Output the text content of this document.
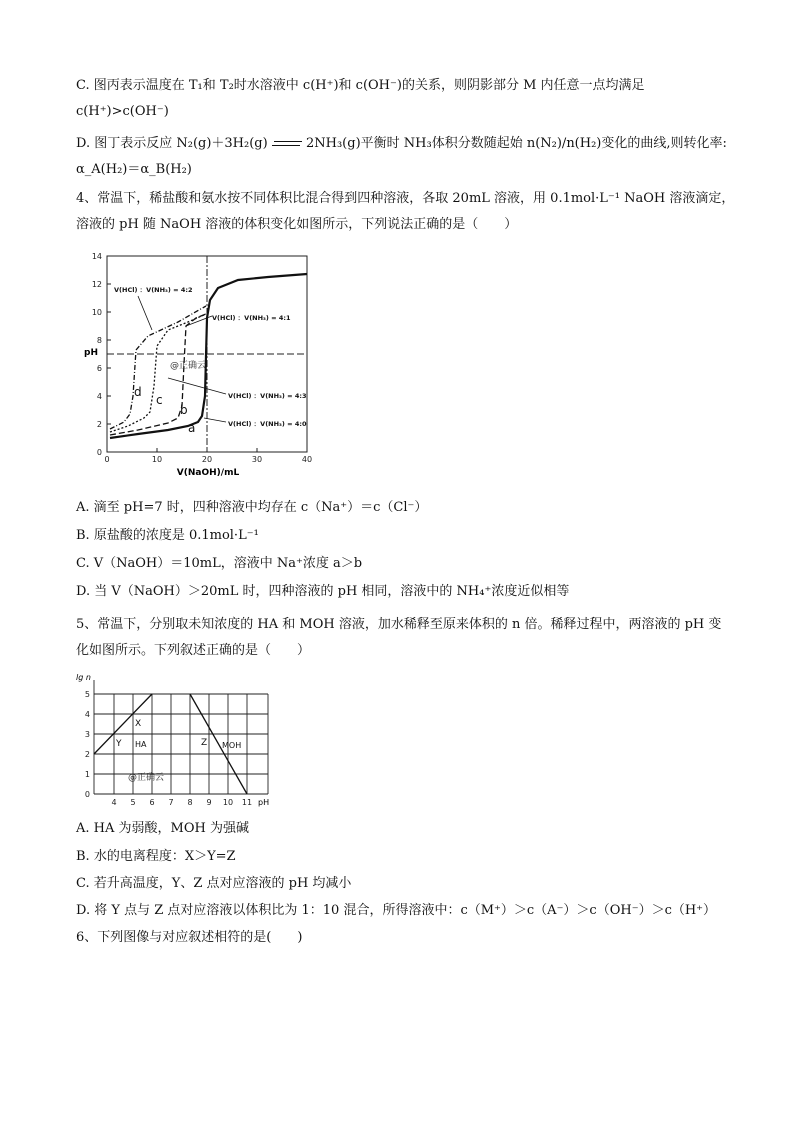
C. 图丙表示温度在 T₁和 T₂时水溶液中 c(H⁺)和 c(OH⁻)的关系，则阴影部分 M 内任意一点均满足
c(H⁺)>c(OH⁻)
D. 图丁表示反应 N₂(g)＋3H₂(g)	2NH₃(g)平衡时 NH₃体积分数随起始 n(N₂)/n(H₂)变化的曲线,则转化率:
α_A(H₂)＝α_B(H₂)
4、常温下，稀盐酸和氨水按不同体积比混合得到四种溶液，各取 20mL 溶液，用 0.1mol·L⁻¹ NaOH 溶液滴定，
溶液的 pH 随 NaOH 溶液的体积变化如图所示，下列说法正确的是（　　）
0
2
4
6
8
10
12
14
0	10	20	30	40
pH
V(NaOH)/mL
a
b
c
d
V(HCl) ：V(NH₃) = 4:2
V(HCl) ：V(NH₃) = 4:1
V(HCl) ：V(NH₃) = 4:3
V(HCl) ：V(NH₃) = 4:0
@正确云
A. 滴至 pH=7 时，四种溶液中均存在 c（Na⁺）＝c（Cl⁻）
B. 原盐酸的浓度是 0.1mol·L⁻¹
C. V（NaOH）＝10mL，溶液中 Na⁺浓度 a＞b
D. 当 V（NaOH）＞20mL 时，四种溶液的 pH 相同，溶液中的 NH₄⁺浓度近似相等
5、常温下，分别取未知浓度的 HA 和 MOH 溶液，加水稀释至原来体积的 n 倍。稀释过程中，两溶液的 pH 变
化如图所示。下列叙述正确的是（　　）
0
1
2
3
4
5
4 5 6 7 8 9 10 11 pH
lg n
X
Y	Z
HA	MOH
@正确云
A. HA 为弱酸，MOH 为强碱
B. 水的电离程度：X＞Y=Z
C. 若升高温度，Y、Z 点对应溶液的 pH 均减小
D. 将 Y 点与 Z 点对应溶液以体积比为 1：10 混合，所得溶液中：c（M⁺）＞c（A⁻）＞c（OH⁻）＞c（H⁺）
6、下列图像与对应叙述相符的是(　　)
